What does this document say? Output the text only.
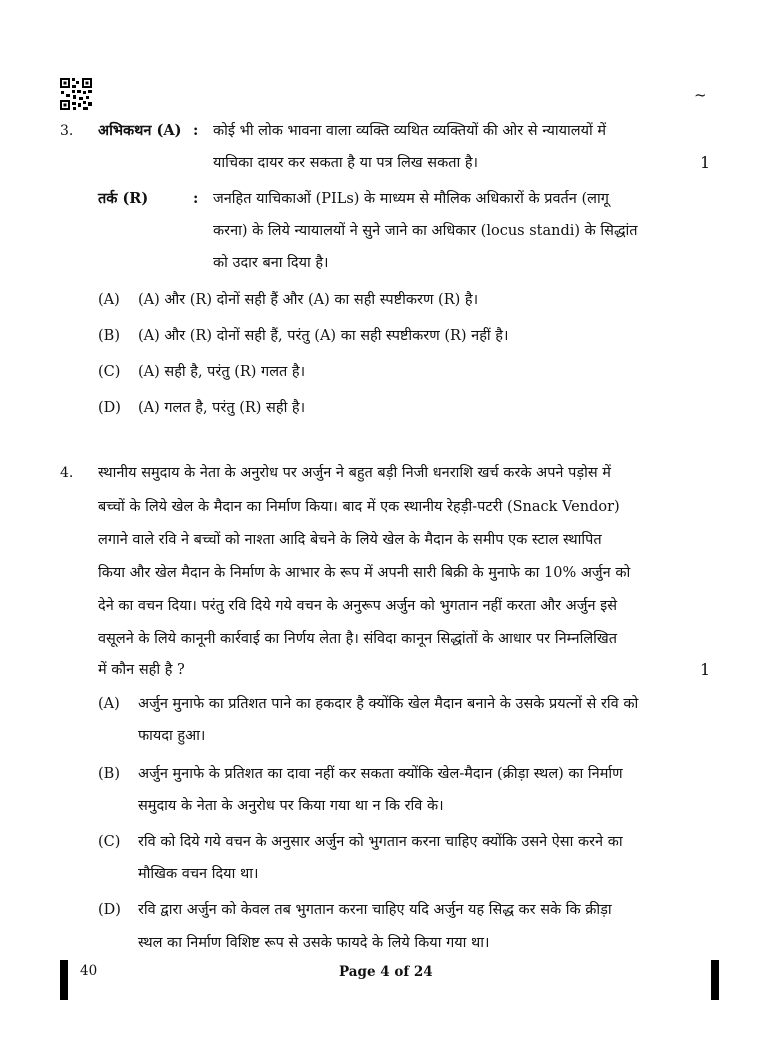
~
3. अभिकथन (A) : कोई भी लोक भावना वाला व्यक्ति व्यथित व्यक्तियों की ओर से न्यायालयों में
याचिका दायर कर सकता है या पत्र लिख सकता है।	1
तर्क (R)	: जनहित याचिकाओं (PILs) के माध्यम से मौलिक अधिकारों के प्रवर्तन (लागू
करना) के लिये न्यायालयों ने सुने जाने का अधिकार (locus standi) के सिद्धांत
को उदार बना दिया है।
(A) (A) और (R) दोनों सही हैं और (A) का सही स्पष्टीकरण (R) है।
(B) (A) और (R) दोनों सही हैं, परंतु (A) का सही स्पष्टीकरण (R) नहीं है।
(C) (A) सही है, परंतु (R) गलत है।
(D) (A) गलत है, परंतु (R) सही है।
4. स्थानीय समुदाय के नेता के अनुरोध पर अर्जुन ने बहुत बड़ी निजी धनराशि खर्च करके अपने पड़ोस में
बच्चों के लिये खेल के मैदान का निर्माण किया। बाद में एक स्थानीय रेहड़ी-पटरी (Snack Vendor)
लगाने वाले रवि ने बच्चों को नाश्ता आदि बेचने के लिये खेल के मैदान के समीप एक स्टाल स्थापित
किया और खेल मैदान के निर्माण के आभार के रूप में अपनी सारी बिक्री के मुनाफे का 10% अर्जुन को
देने का वचन दिया। परंतु रवि दिये गये वचन के अनुरूप अर्जुन को भुगतान नहीं करता और अर्जुन इसे
वसूलने के लिये कानूनी कार्रवाई का निर्णय लेता है। संविदा कानून सिद्धांतों के आधार पर निम्नलिखित
में कौन सही है ?	1
(A) अर्जुन मुनाफे का प्रतिशत पाने का हकदार है क्योंकि खेल मैदान बनाने के उसके प्रयत्नों से रवि को
फायदा हुआ।
(B) अर्जुन मुनाफे के प्रतिशत का दावा नहीं कर सकता क्योंकि खेल-मैदान (क्रीड़ा स्थल) का निर्माण
समुदाय के नेता के अनुरोध पर किया गया था न कि रवि के।
(C) रवि को दिये गये वचन के अनुसार अर्जुन को भुगतान करना चाहिए क्योंकि उसने ऐसा करने का
मौखिक वचन दिया था।
(D) रवि द्वारा अर्जुन को केवल तब भुगतान करना चाहिए यदि अर्जुन यह सिद्ध कर सके कि क्रीड़ा
स्थल का निर्माण विशिष्ट रूप से उसके फायदे के लिये किया गया था।
40	Page 4 of 24
